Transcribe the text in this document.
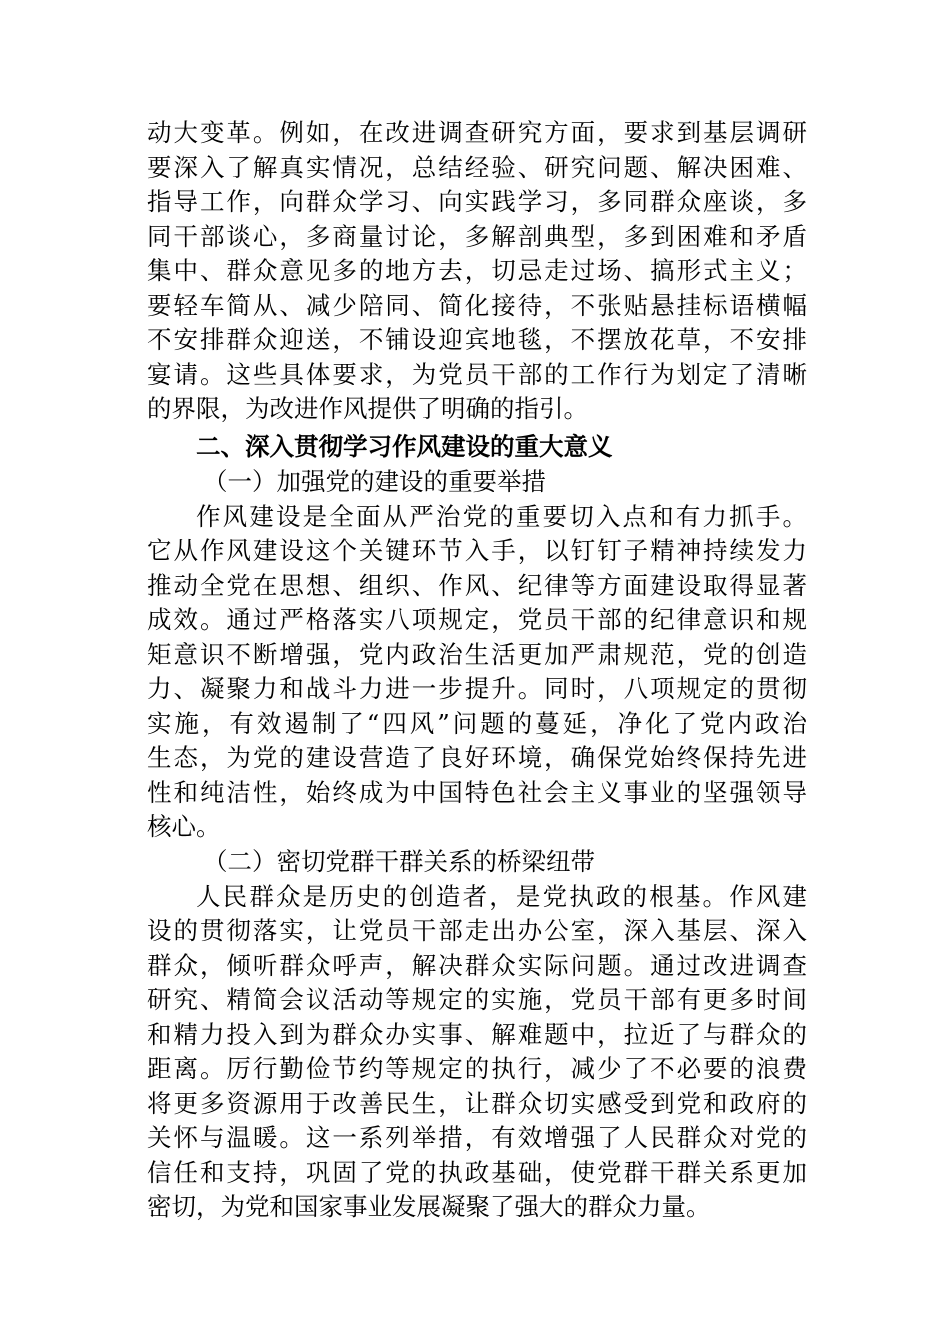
动大变革。例如，在改进调查研究方面，要求到基层调研
要深入了解真实情况，总结经验、研究问题、解决困难、
指导工作，向群众学习、向实践学习，多同群众座谈，多
同干部谈心，多商量讨论，多解剖典型，多到困难和矛盾
集中、群众意见多的地方去，切忌走过场、搞形式主义；
要轻车简从、减少陪同、简化接待，不张贴悬挂标语横幅
不安排群众迎送，不铺设迎宾地毯，不摆放花草，不安排
宴请。这些具体要求，为党员干部的工作行为划定了清晰
的界限，为改进作风提供了明确的指引。
二、深入贯彻学习作风建设的重大意义
（一）加强党的建设的重要举措
作风建设是全面从严治党的重要切入点和有力抓手。
它从作风建设这个关键环节入手，以钉钉子精神持续发力
推动全党在思想、组织、作风、纪律等方面建设取得显著
成效。通过严格落实八项规定，党员干部的纪律意识和规
矩意识不断增强，党内政治生活更加严肃规范，党的创造
力、凝聚力和战斗力进一步提升。同时，八项规定的贯彻
实施，有效遏制了“四风”问题的蔓延，净化了党内政治
生态，为党的建设营造了良好环境，确保党始终保持先进
性和纯洁性，始终成为中国特色社会主义事业的坚强领导
核心。
（二）密切党群干群关系的桥梁纽带
人民群众是历史的创造者，是党执政的根基。作风建
设的贯彻落实，让党员干部走出办公室，深入基层、深入
群众，倾听群众呼声，解决群众实际问题。通过改进调查
研究、精简会议活动等规定的实施，党员干部有更多时间
和精力投入到为群众办实事、解难题中，拉近了与群众的
距离。厉行勤俭节约等规定的执行，减少了不必要的浪费
将更多资源用于改善民生，让群众切实感受到党和政府的
关怀与温暖。这一系列举措，有效增强了人民群众对党的
信任和支持，巩固了党的执政基础，使党群干群关系更加
密切，为党和国家事业发展凝聚了强大的群众力量。
